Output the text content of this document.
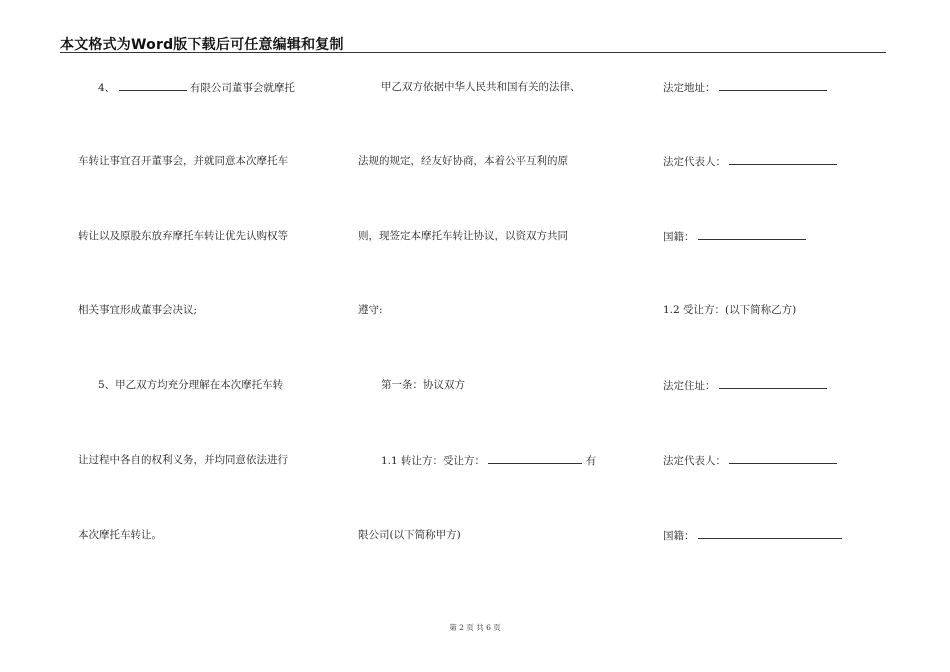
本文格式为Word版下载后可任意编辑和复制
4、	有限公司董事会就摩托
车转让事宜召开董事会，并就同意本次摩托车
转让以及原股东放弃摩托车转让优先认购权等
相关事宜形成董事会决议;
5、甲乙双方均充分理解在本次摩托车转
让过程中各自的权利义务，并均同意依法进行
本次摩托车转让。
甲乙双方依据中华人民共和国有关的法律、
法规的规定，经友好协商，本着公平互利的原
则，现签定本摩托车转让协议，以资双方共同
遵守:
第一条：协议双方
1.1 转让方：受让方：	有
限公司(以下简称甲方)
法定地址：
法定代表人：
国籍：
1.2 受让方：(以下简称乙方)
法定住址：
法定代表人：
国籍：
第 2 页 共 6 页
